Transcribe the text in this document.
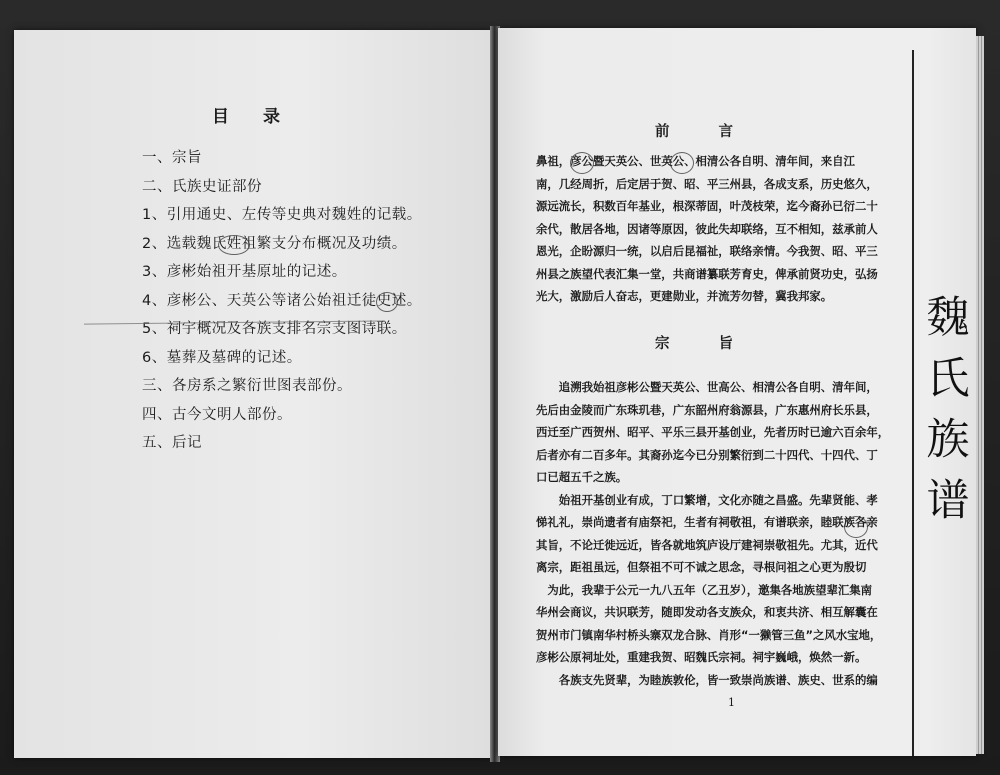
目 录
一、宗旨
二、氏族史证部份
1、引用通史、左传等史典对魏姓的记载。
2、选载魏氏姓祖繁支分布概况及功绩。
3、彦彬始祖开基原址的记述。
4、彦彬公、天英公等诸公始祖迁徒史述。
5、祠宇概况及各族支排名宗支图诗联。
6、墓葬及墓碑的记述。
三、各房系之繁衍世图表部份。
四、古今文明人部份。
五、后记
前 言
鼻祖，彦公暨天英公、世英公、相清公各自明、清年间，来自江
南，几经周折，后定居于贺、昭、平三州县，各成支系，历史悠久，
源远流长，积数百年基业，根深蒂固，叶茂枝荣，迄今裔孙已衍二十
余代，散居各地，因诸等原因，彼此失却联络，互不相知，兹承前人
恩光，企盼源归一统，以启后昆福祉，联络亲情。今我贺、昭、平三
州县之族望代表汇集一堂，共商谱纂联芳育史，俾承前贤功史，弘扬
光大，激励后人奋志，更建勋业，并流芳勿替，冀我邦家。
宗 旨
追溯我始祖彦彬公暨天英公、世高公、相清公各自明、清年间，
先后由金陵而广东珠玑巷，广东韶州府翁源县，广东惠州府长乐县，
西迁至广西贺州、昭平、平乐三县开基创业，先者历时已逾六百余年，
后者亦有二百多年。其裔孙迄今已分别繁衍到二十四代、十四代、丁
口已超五千之族。
始祖开基创业有成，丁口繁增，文化亦随之昌盛。先辈贤能、孝
悌礼礼，崇尚遗者有庙祭祀，生者有祠敬祖，有谱联亲，睦联族各亲
其旨，不论迁徙远近，皆各就地筑庐设厅建祠崇敬祖先。尤其，近代
离宗，距祖虽远，但祭祖不可不诚之思念，寻根问祖之心更为殷切
为此，我辈于公元一九八五年（乙丑岁），邀集各地族望辈汇集南
华州会商议，共识联芳，随即发动各支族众，和衷共济、相互解囊在
贺州市门镇南华村桥头寨双龙合脉、肖形“一獭管三鱼”之风水宝地，
彦彬公原祠址处，重建我贺、昭魏氏宗祠。祠宇巍峨，焕然一新。
各族支先贤辈，为睦族敦伦，皆一致崇尚族谱、族史、世系的编
1
魏
氏
族
谱
